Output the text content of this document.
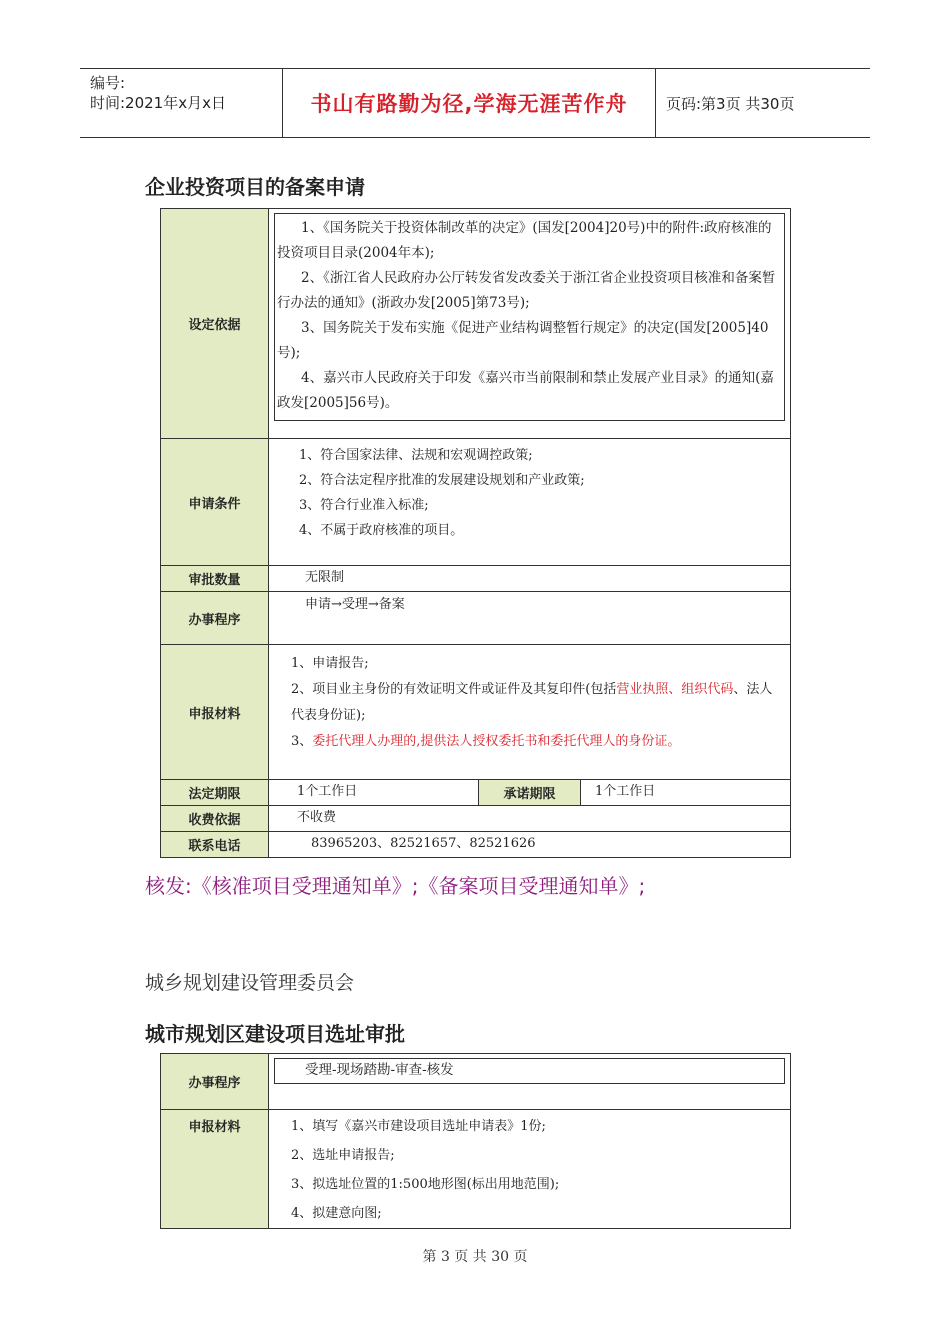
编号:
时间:2021年x月x日	书山有路勤为径,学海无涯苦作舟	页码:第3页 共30页
企业投资项目的备案申请
设定依据	1、《国务院关于投资体制改革的决定》(国发[2004]20号)中的附件:政府核准的投资项目目录(2004年本);
2、《浙江省人民政府办公厅转发省发改委关于浙江省企业投资项目核准和备案暂行办法的通知》(浙政办发[2005]第73号);
3、国务院关于发布实施《促进产业结构调整暂行规定》的决定(国发[2005]40号);
4、嘉兴市人民政府关于印发《嘉兴市当前限制和禁止发展产业目录》的通知(嘉政发[2005]56号)。		

申请条件	1、符合国家法律、法规和宏观调控政策;
2、符合法定程序批准的发展建设规划和产业政策;
3、符合行业准入标准;
4、不属于政府核准的项目。		

审批数量	无限制		
办事程序	申请→受理→备案		
申报材料	1、申请报告;
2、项目业主身份的有效证明文件或证件及其复印件(包括营业执照、组织代码、法人代表身份证);
3、委托代理人办理的,提供法人授权委托书和委托代理人的身份证。		

法定期限	1个工作日	承诺期限	1个工作日
收费依据	不收费		
联系电话	83965203、82521657、82521626		
核发:《核准项目受理通知单》;《备案项目受理通知单》;
城乡规划建设管理委员会
城市规划区建设项目选址审批
办事程序	受理-现场踏勘-审查-核发

申报材料	1、填写《嘉兴市建设项目选址申请表》1份;
2、选址申请报告;
3、拟选址位置的1:500地形图(标出用地范围);
4、拟建意向图;
第 3 页 共 30 页
